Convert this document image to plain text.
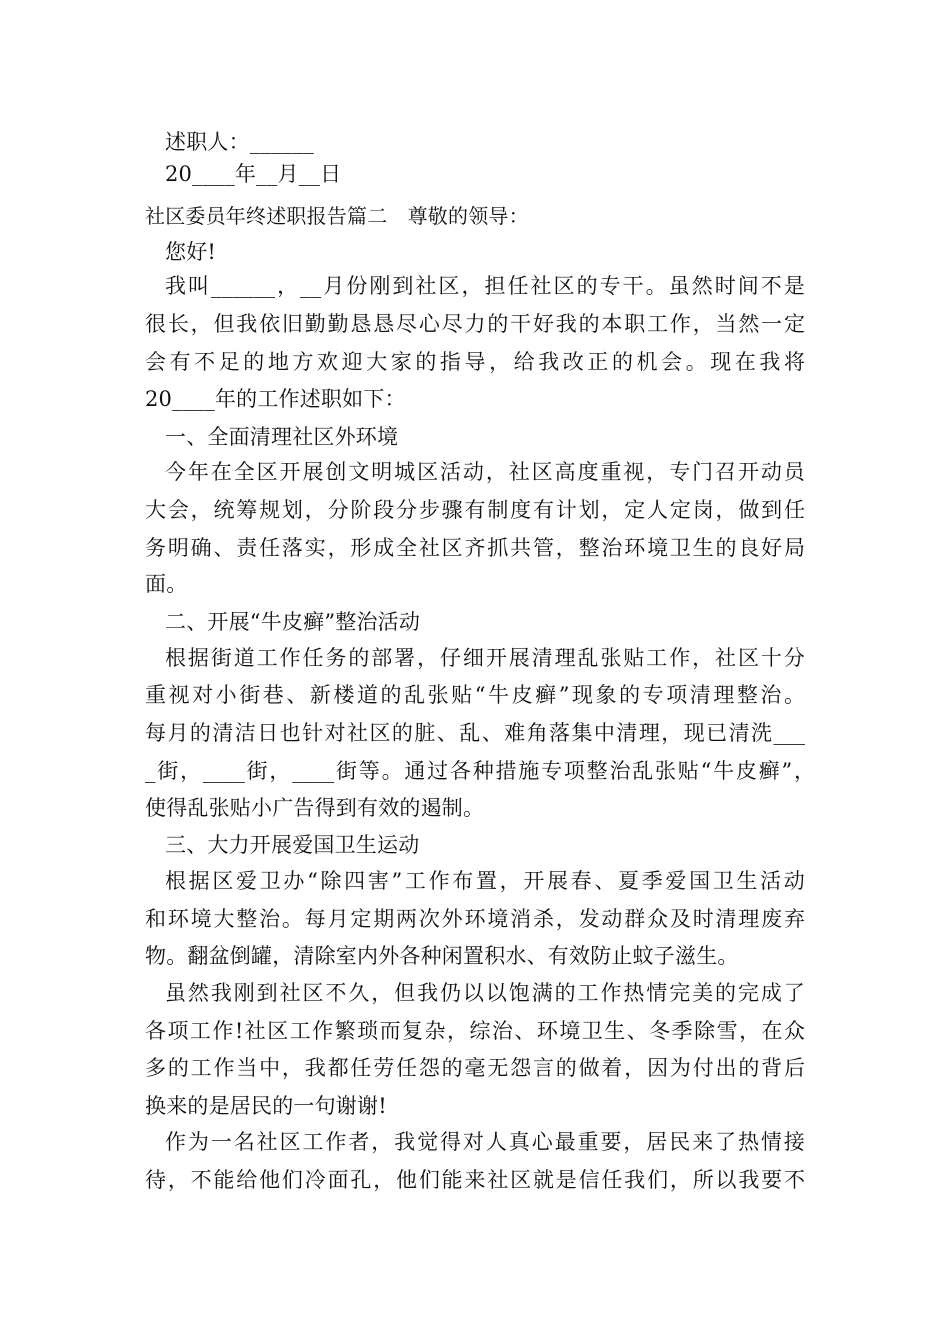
述职人：______
20____年__月__日
社区委员年终述职报告篇二　尊敬的领导：
您好!
我叫______，__月份刚到社区，担任社区的专干。虽然时间不是
很长，但我依旧勤勤恳恳尽心尽力的干好我的本职工作，当然一定
会有不足的地方欢迎大家的指导，给我改正的机会。现在我将
20____年的工作述职如下：
一、全面清理社区外环境
今年在全区开展创文明城区活动，社区高度重视，专门召开动员
大会，统筹规划，分阶段分步骤有制度有计划，定人定岗，做到任
务明确、责任落实，形成全社区齐抓共管，整治环境卫生的良好局
面。
二、开展“牛皮癣”整治活动
根据街道工作任务的部署，仔细开展清理乱张贴工作，社区十分
重视对小街巷、新楼道的乱张贴“牛皮癣”现象的专项清理整治。
每月的清洁日也针对社区的脏、乱、难角落集中清理，现已清洗___
_街，____街，____街等。通过各种措施专项整治乱张贴“牛皮癣”，
使得乱张贴小广告得到有效的遏制。
三、大力开展爱国卫生运动
根据区爱卫办“除四害”工作布置，开展春、夏季爱国卫生活动
和环境大整治。每月定期两次外环境消杀，发动群众及时清理废弃
物。翻盆倒罐，清除室内外各种闲置积水、有效防止蚊子滋生。
虽然我刚到社区不久，但我仍以以饱满的工作热情完美的完成了
各项工作!社区工作繁琐而复杂，综治、环境卫生、冬季除雪，在众
多的工作当中，我都任劳任怨的毫无怨言的做着，因为付出的背后
换来的是居民的一句谢谢!
作为一名社区工作者，我觉得对人真心最重要，居民来了热情接
待，不能给他们冷面孔，他们能来社区就是信任我们，所以我要不
